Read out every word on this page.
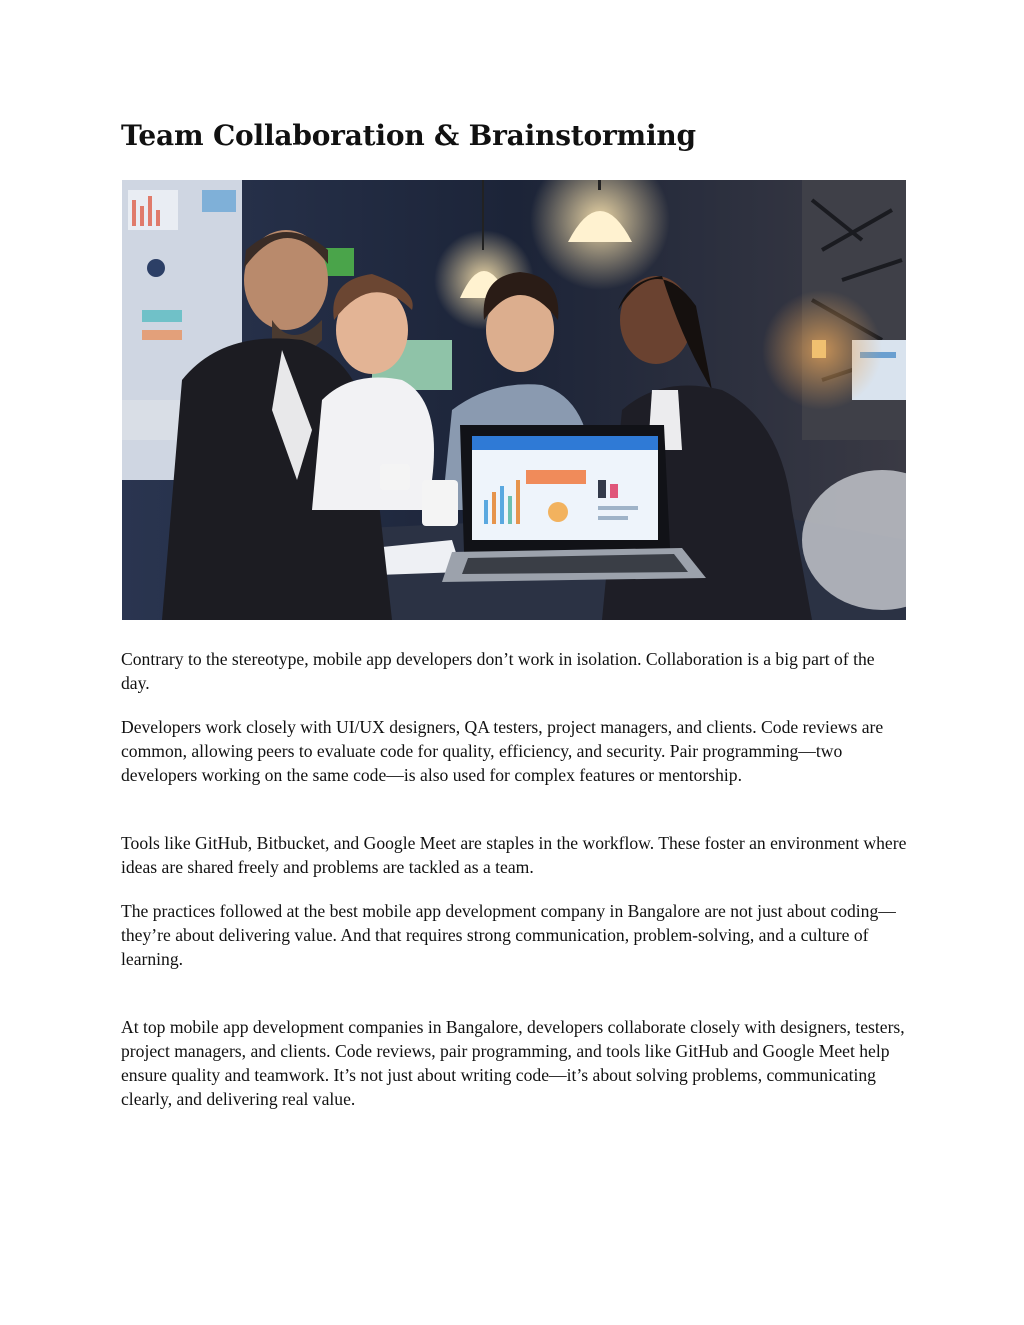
Team Collaboration & Brainstorming

Contrary to the stereotype, mobile app developers don’t work in isolation. Collaboration is a big part of the day.

Developers work closely with UI/UX designers, QA testers, project managers, and clients. Code reviews are common, allowing peers to evaluate code for quality, efficiency, and security. Pair programming—two developers working on the same code—is also used for complex features or mentorship.

Tools like GitHub, Bitbucket, and Google Meet are staples in the workflow. These foster an environment where ideas are shared freely and problems are tackled as a team.

The practices followed at the best mobile app development company in Bangalore are not just about coding—they’re about delivering value. And that requires strong communication, problem-solving, and a culture of learning.

At top mobile app development companies in Bangalore, developers collaborate closely with designers, testers, project managers, and clients. Code reviews, pair programming, and tools like GitHub and Google Meet help ensure quality and teamwork. It’s not just about writing code—it’s about solving problems, communicating clearly, and delivering real value.
